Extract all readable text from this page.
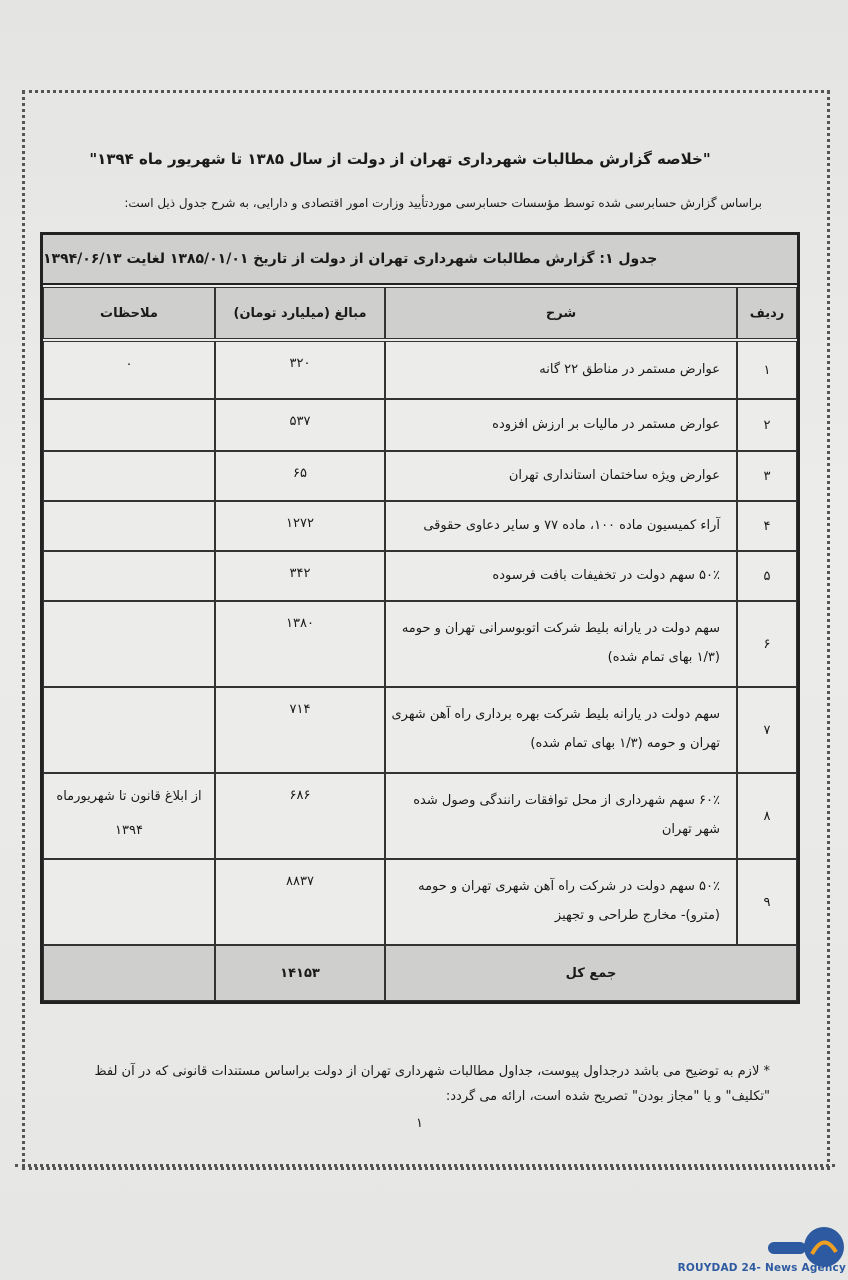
"خلاصه گزارش مطالبات شهرداری تهران از دولت از سال ۱۳۸۵ تا شهریور ماه ۱۳۹۴"
براساس گزارش حسابرسی شده توسط مؤسسات حسابرسی موردتأیید وزارت امور اقتصادی و دارایی، به شرح جدول ذیل است:
جدول ۱: گزارش مطالبات شهرداری تهران از دولت از تاریخ ۱۳۸۵/۰۱/۰۱ لغایت ۱۳۹۴/۰۶/۱۳
ردیف
شرح
مبالغ (میلیارد تومان)
ملاحظات
۱
عوارض مستمر در مناطق ۲۲ گانه
۳۲۰
٠
۲
عوارض مستمر در مالیات بر ارزش افزوده
۵۳۷
۳
عوارض ویژه ساختمان استانداری تهران
۶۵
۴
آراء کمیسیون ماده ۱۰۰، ماده ۷۷ و سایر دعاوی حقوقی
۱۲۷۲
۵
۵۰٪ سهم دولت در تخفیفات بافت فرسوده
۳۴۲
۶
سهم دولت در یارانه بلیط شرکت اتوبوسرانی تهران و حومه (۱/۳ بهای تمام شده)
۱۳۸۰
۷
سهم دولت در یارانه بلیط شرکت بهره برداری راه آهن شهری تهران و حومه (۱/۳ بهای تمام شده)
۷۱۴
۸
۶۰٪ سهم شهرداری از محل توافقات رانندگی وصول شده شهر تهران
۶۸۶
از ابلاغ قانون تا شهریورماه ۱۳۹۴
۹
۵۰٪ سهم دولت در شرکت راه آهن شهری تهران و حومه (مترو)- مخارج طراحی و تجهیز
۸۸۳۷
جمع کل
۱۴۱۵۳
* لازم به توضیح می باشد درجداول پیوست، جداول مطالبات شهرداری تهران از دولت براساس مستندات قانونی که در آن لفظ "تکلیف" و یا "مجاز بودن" تصریح شده است، ارائه می گردد:
۱
ROUYDAD 24- News Agency
